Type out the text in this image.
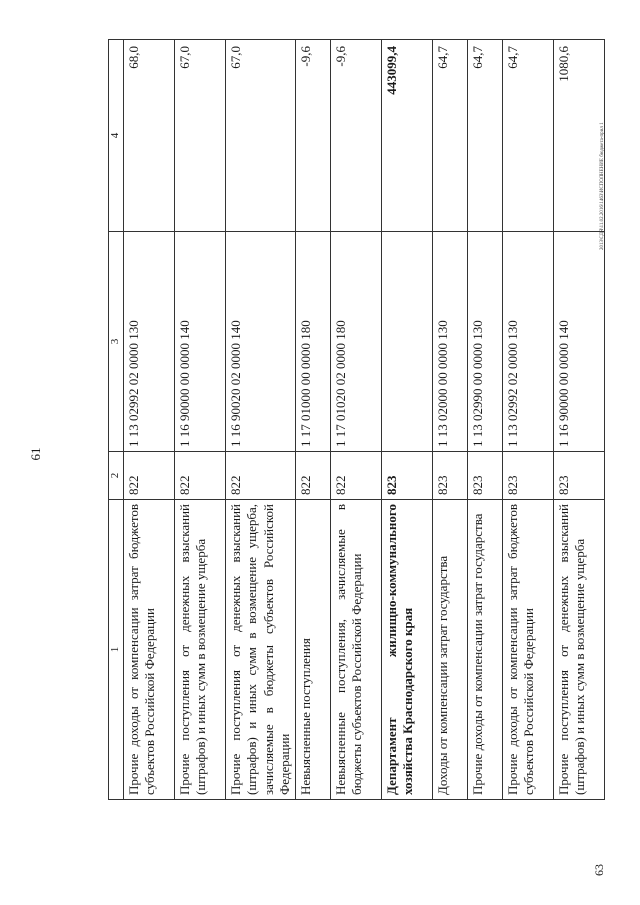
61
1	2	3	4
Прочие доходы от компенсации затрат бюджетов субъектов Российской Федерации	822	1 13 02992 02 0000 130	68,0
Прочие поступления от денежных взысканий (штрафов) и иных сумм в возмещение ущерба	822	1 16 90000 00 0000 140	67,0
Прочие поступления от денежных взысканий (штрафов) и иных сумм в возмещение ущерба, зачисляемые в бюджеты субъектов Российской Федерации	822	1 16 90020 02 0000 140	67,0
Невыясненные поступления	822	1 17 01000 00 0000 180	-9,6
Невыясненные поступления, зачисляемые в бюджеты субъектов Российской Федерации	822	1 17 01020 02 0000 180	-9,6
Департамент жилищно-коммунального хозяйства Краснодарского края	823		443099,4
Доходы от компенсации затрат государства	823	1 13 02000 00 0000 130	64,7
Прочие доходы от компенсации затрат государства	823	1 13 02990 00 0000 130	64,7
Прочие доходы от компенсации затрат бюджетов субъектов Российской Федерации	823	1 13 02992 02 0000 130	64,7
Прочие поступления от денежных взысканий (штрафов) и иных сумм в возмещение ущерба	823	1 16 90000 00 0000 140	1080,6
2013\СДЯ\11.02.2016\1463\ИСПОЛНЕНИЕ бюджета-прил 1
63
